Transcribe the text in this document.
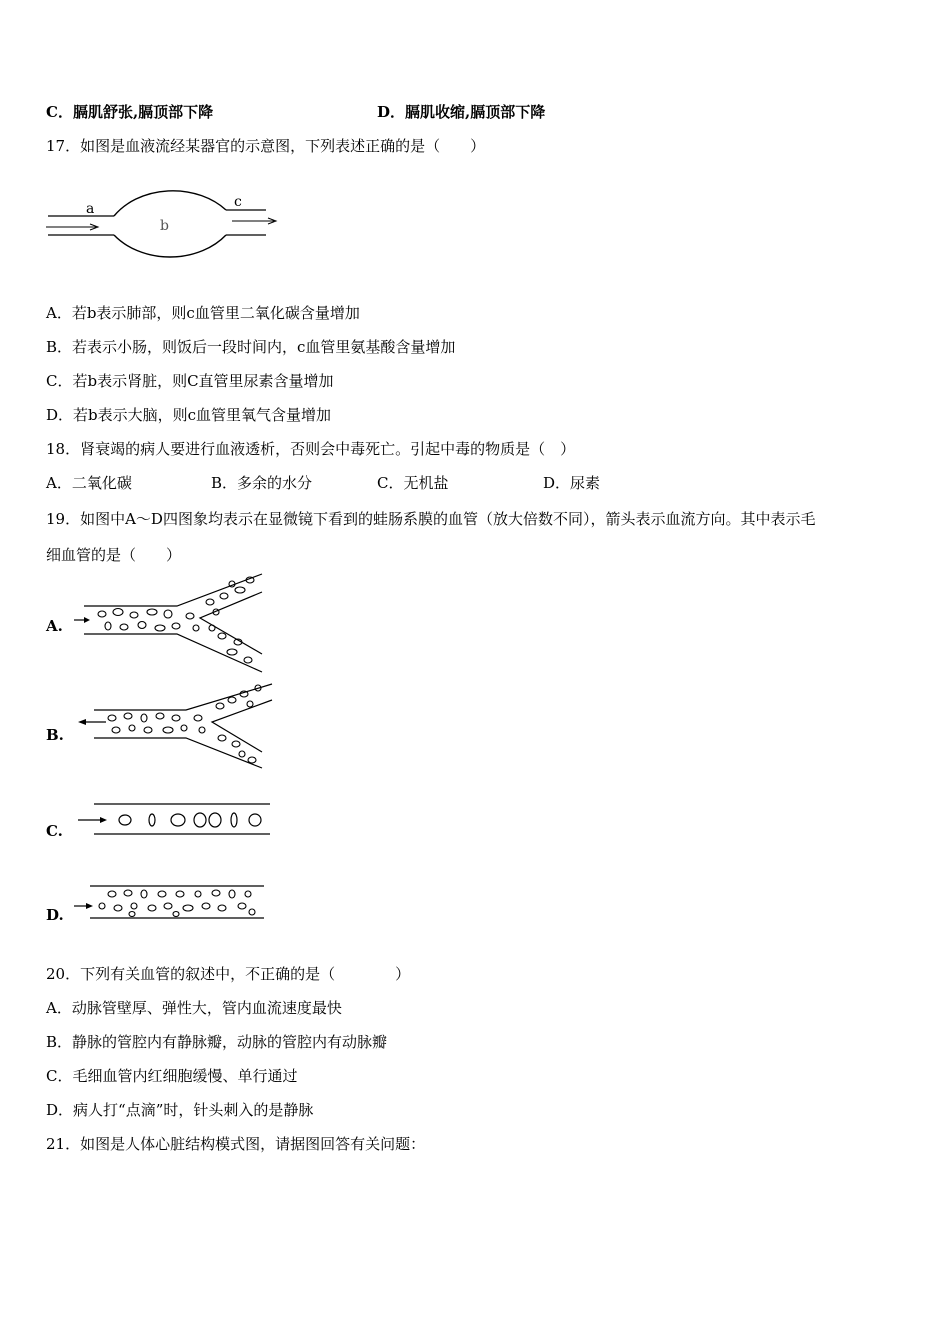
C．膈肌舒张,膈顶部下降	D．膈肌收缩,膈顶部下降
17．如图是血液流经某器官的示意图，下列表述正确的是（　　）
a
b
c
A．若b表示肺部，则c血管里二氧化碳含量增加
B．若表示小肠，则饭后一段时间内，c血管里氨基酸含量增加
C．若b表示肾脏，则C直管里尿素含量增加
D．若b表示大脑，则c血管里氧气含量增加
18．肾衰竭的病人要进行血液透析，否则会中毒死亡。引起中毒的物质是（　）
A．二氧化碳	B．多余的水分	C．无机盐	D．尿素
19．如图中A～D四图象均表示在显微镜下看到的蛙肠系膜的血管（放大倍数不同），箭头表示血流方向。其中表示毛
细血管的是（　　）
A.
B.
C.
D.
20．下列有关血管的叙述中，不正确的是（　　　　）
A．动脉管壁厚、弹性大，管内血流速度最快
B．静脉的管腔内有静脉瓣，动脉的管腔内有动脉瓣
C．毛细血管内红细胞缓慢、单行通过
D．病人打“点滴”时，针头刺入的是静脉
21．如图是人体心脏结构模式图，请据图回答有关问题：
